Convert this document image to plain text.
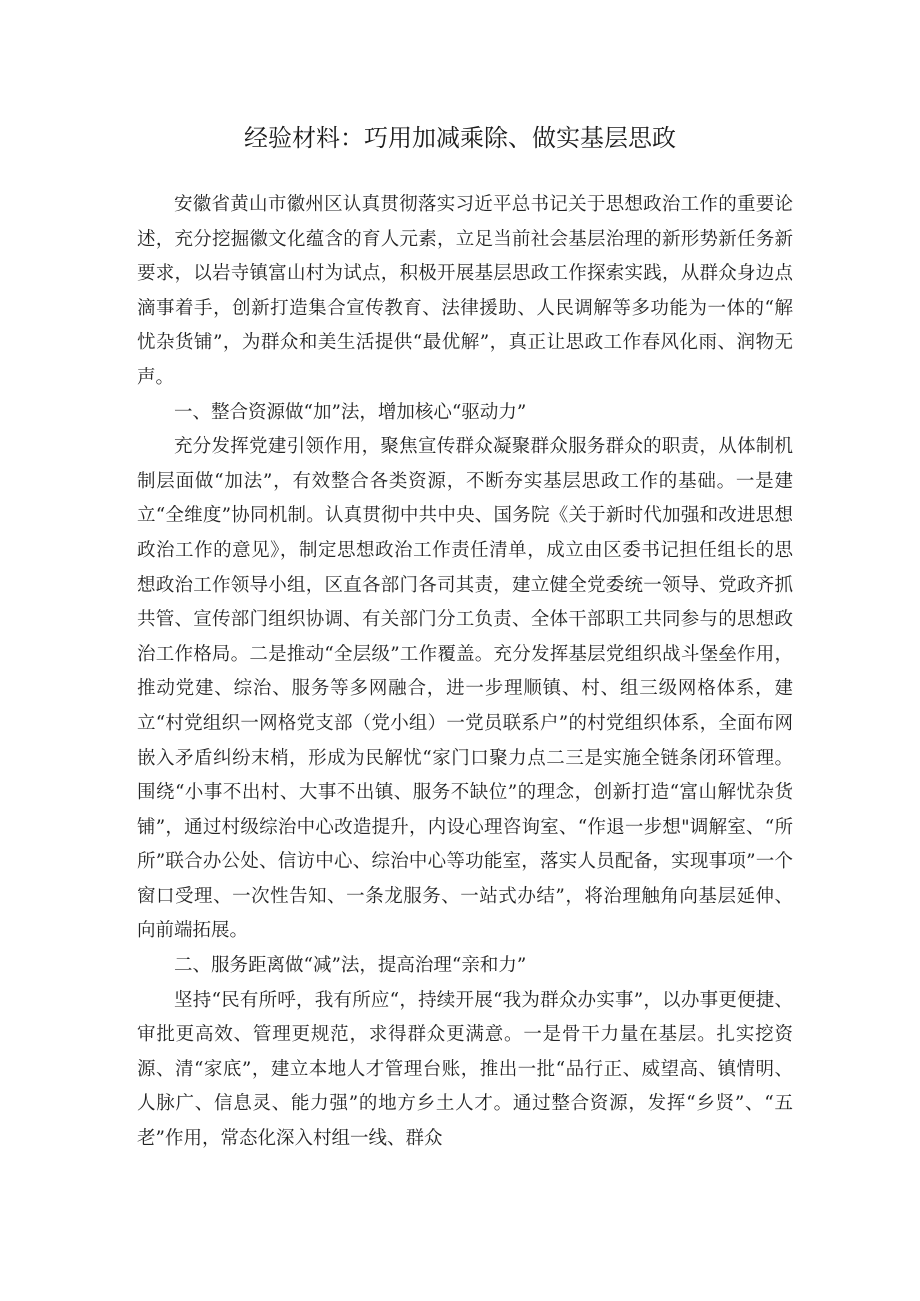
经验材料：巧用加减乘除、做实基层思政

安徽省黄山市徽州区认真贯彻落实习近平总书记关于思想政治工作的重要论述，充分挖掘徽文化蕴含的育人元素，立足当前社会基层治理的新形势新任务新要求，以岩寺镇富山村为试点，积极开展基层思政工作探索实践，从群众身边点滴事着手，创新打造集合宣传教育、法律援助、人民调解等多功能为一体的“解忧杂货铺”，为群众和美生活提供“最优解”，真正让思政工作春风化雨、润物无声。

一、整合资源做“加”法，增加核心“驱动力”

充分发挥党建引领作用，聚焦宣传群众凝聚群众服务群众的职责，从体制机制层面做“加法”，有效整合各类资源，不断夯实基层思政工作的基础。一是建立“全维度”协同机制。认真贯彻中共中央、国务院《关于新时代加强和改进思想政治工作的意见》，制定思想政治工作责任清单，成立由区委书记担任组长的思想政治工作领导小组，区直各部门各司其责，建立健全党委统一领导、党政齐抓共管、宣传部门组织协调、有关部门分工负责、全体干部职工共同参与的思想政治工作格局。二是推动“全层级”工作覆盖。充分发挥基层党组织战斗堡垒作用，推动党建、综治、服务等多网融合，进一步理顺镇、村、组三级网格体系，建立“村党组织一网格党支部（党小组）一党员联系户”的村党组织体系，全面布网嵌入矛盾纠纷末梢，形成为民解忧“家门口聚力点二三是实施全链条闭环管理。围绕“小事不出村、大事不出镇、服务不缺位”的理念，创新打造“富山解忧杂货铺”，通过村级综治中心改造提升，内设心理咨询室、“作退一步想"调解室、“所所”联合办公处、信访中心、综治中心等功能室，落实人员配备，实现事项”一个窗口受理、一次性告知、一条龙服务、一站式办结”，将治理触角向基层延伸、向前端拓展。

二、服务距离做“减”法，提高治理“亲和力”

坚持“民有所呼，我有所应“，持续开展“我为群众办实事”，以办事更便捷、审批更高效、管理更规范，求得群众更满意。一是骨干力量在基层。扎实挖资源、清“家底”，建立本地人才管理台账，推出一批“品行正、威望高、镇情明、人脉广、信息灵、能力强”的地方乡土人才。通过整合资源，发挥“乡贤”、“五老”作用，常态化深入村组一线、群众
